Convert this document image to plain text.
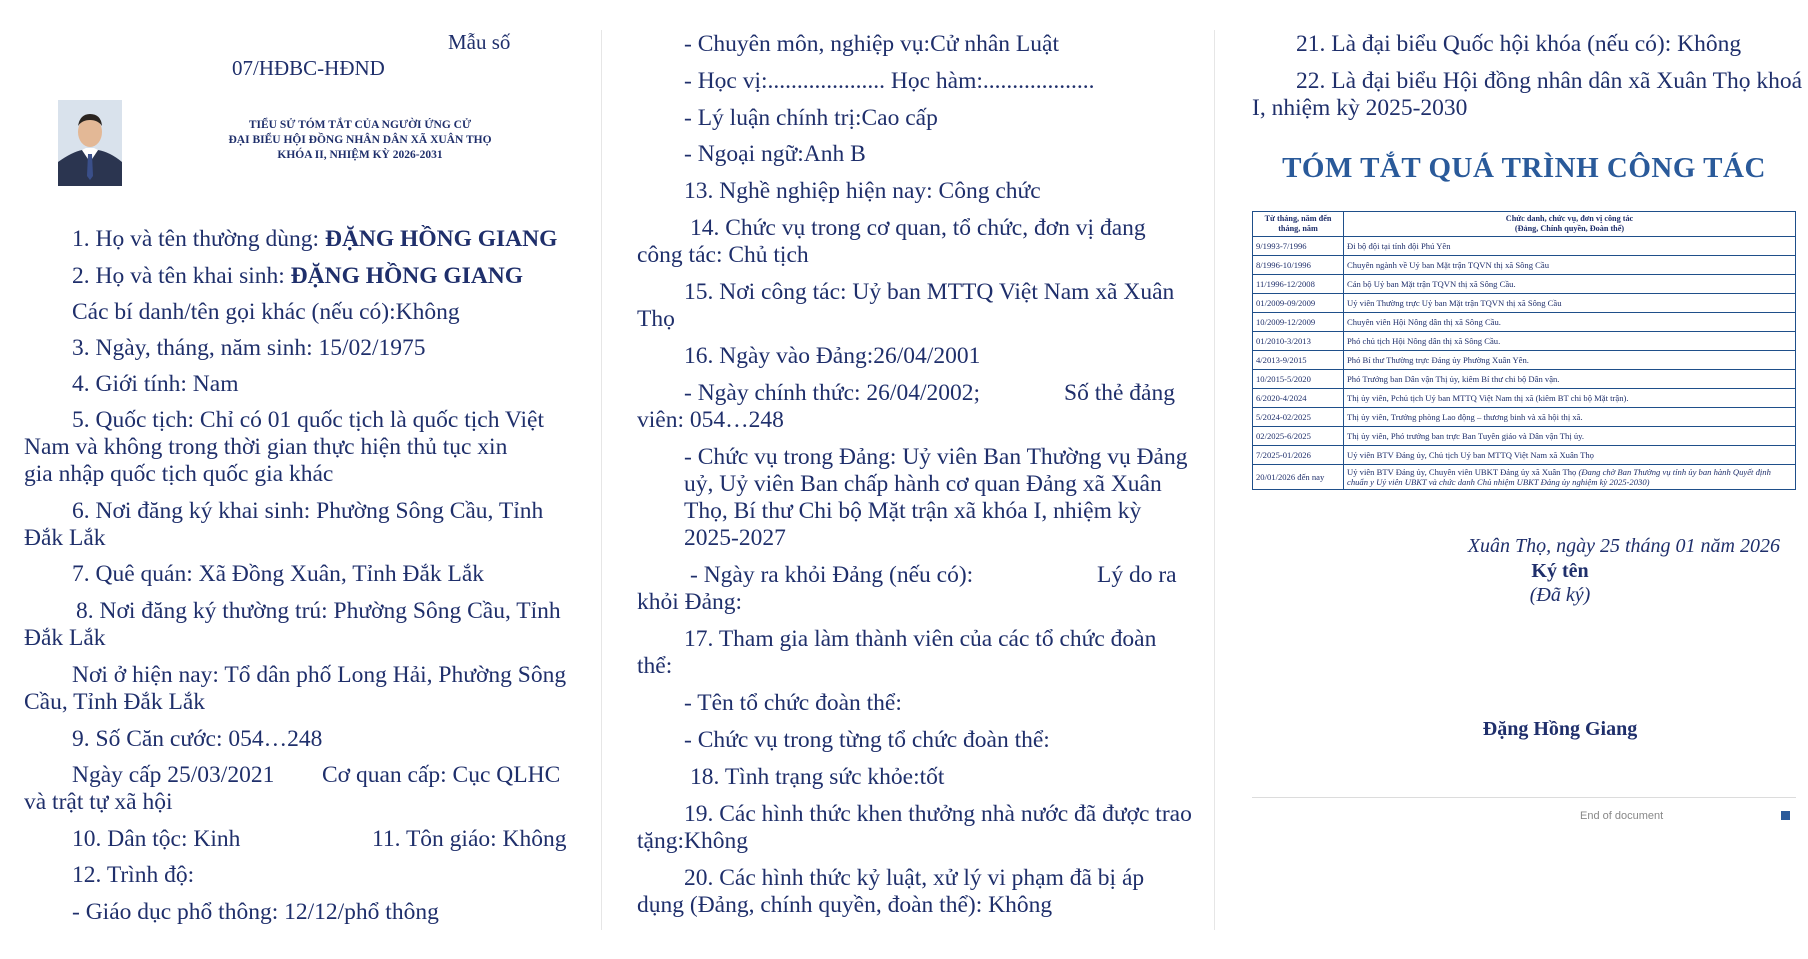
Mẫu số
07/HĐBC-HĐND
TIỂU SỬ TÓM TẮT CỦA NGƯỜI ỨNG CỬ
ĐẠI BIỂU HỘI ĐỒNG NHÂN DÂN XÃ XUÂN THỌ
KHÓA II, NHIỆM KỲ 2026-2031

1. Họ và tên thường dùng: ĐẶNG HỒNG GIANG

2. Họ và tên khai sinh: ĐẶNG HỒNG GIANG

Các bí danh/tên gọi khác (nếu có):Không

3. Ngày, tháng, năm sinh: 15/02/1975

4. Giới tính: Nam

5. Quốc tịch: Chỉ có 01 quốc tịch là quốc tịch Việt

Nam và không trong thời gian thực hiện thủ tục xin

gia nhập quốc tịch quốc gia khác

6. Nơi đăng ký khai sinh: Phường Sông Cầu, Tỉnh

Đắk Lắk

7. Quê quán: Xã Đồng Xuân, Tỉnh Đắk Lắk

8. Nơi đăng ký thường trú: Phường Sông Cầu, Tỉnh

Đắk Lắk

Nơi ở hiện nay: Tổ dân phố Long Hải, Phường Sông

Cầu, Tỉnh Đắk Lắk

9. Số Căn cước: 054…248

Ngày cấp 25/03/2021 Cơ quan cấp: Cục QLHC

và trật tự xã hội

10. Dân tộc: Kinh	11. Tôn giáo: Không

12. Trình độ:

- Giáo dục phổ thông: 12/12/phổ thông

- Chuyên môn, nghiệp vụ:Cử nhân Luật

- Học vị:.................... Học hàm:...................

- Lý luận chính trị:Cao cấp

- Ngoại ngữ:Anh B

13. Nghề nghiệp hiện nay: Công chức

14. Chức vụ trong cơ quan, tổ chức, đơn vị đang

công tác: Chủ tịch

15. Nơi công tác: Uỷ ban MTTQ Việt Nam xã Xuân

Thọ

16. Ngày vào Đảng:26/04/2001

- Ngày chính thức: 26/04/2002;	Số thẻ đảng

viên: 054…248

- Chức vụ trong Đảng: Uỷ viên Ban Thường vụ Đảng

uỷ, Uỷ viên Ban chấp hành cơ quan Đảng xã Xuân

Thọ, Bí thư Chi bộ Mặt trận xã khóa I, nhiệm kỳ

2025-2027

- Ngày ra khỏi Đảng (nếu có):	Lý do ra

khỏi Đảng:

17. Tham gia làm thành viên của các tổ chức đoàn

thể:

- Tên tổ chức đoàn thể:

- Chức vụ trong từng tổ chức đoàn thể:

18. Tình trạng sức khỏe:tốt

19. Các hình thức khen thưởng nhà nước đã được trao

tặng:Không

20. Các hình thức kỷ luật, xử lý vi phạm đã bị áp

dụng (Đảng, chính quyền, đoàn thể): Không

21. Là đại biểu Quốc hội khóa (nếu có): Không

22. Là đại biểu Hội đồng nhân dân xã Xuân Thọ khoá

I, nhiệm kỳ 2025-2030

TÓM TẮT QUÁ TRÌNH CÔNG TÁC
Từ tháng, năm đến tháng, năm	Chức danh, chức vụ, đơn vị công tác
(Đảng, Chính quyền, Đoàn thể)

9/1993-7/1996	Đi bộ đội tại tỉnh đội Phú Yên
8/1996-10/1996	Chuyên ngành về Uỷ ban Mặt trận TQVN thị xã Sông Cầu
11/1996-12/2008	Cán bộ Uỷ ban Mặt trận TQVN thị xã Sông Cầu.
01/2009-09/2009	Uỷ viên Thường trực Uỷ ban Mặt trận TQVN thị xã Sông Cầu
10/2009-12/2009	Chuyên viên Hội Nông dân thị xã Sông Cầu.
01/2010-3/2013	Phó chủ tịch Hội Nông dân thị xã Sông Cầu.
4/2013-9/2015	Phó Bí thư Thường trực Đảng ủy Phường Xuân Yên.
10/2015-5/2020	Phó Trưởng ban Dân vận Thị ủy, kiêm Bí thư chi bộ Dân vận.
6/2020-4/2024	Thị ủy viên, Pchủ tịch Uỷ ban MTTQ Việt Nam thị xã (kiêm BT chi bộ Mặt trận).
5/2024-02/2025	Thị ủy viên, Trưởng phòng Lao động – thương binh và xã hội thị xã.
02/2025-6/2025	Thị ủy viên, Phó trưởng ban trực Ban Tuyên giáo và Dân vận Thị ủy.
7/2025-01/2026	Uỷ viên BTV Đảng ủy, Chủ tịch Uỷ ban MTTQ Việt Nam xã Xuân Thọ
20/01/2026 đến nay	Uỷ viên BTV Đảng ủy, Chuyên viên UBKT Đảng ủy xã Xuân Thọ (Đang chờ Ban Thường vụ tỉnh ủy ban hành Quyết định chuẩn y Uỷ viên UBKT và chức danh Chủ nhiệm UBKT Đảng ủy nghiệm kỳ 2025-2030)
Xuân Thọ, ngày 25 tháng 01 năm 2026
Ký tên
(Đã ký)
Đặng Hồng Giang
End of document
